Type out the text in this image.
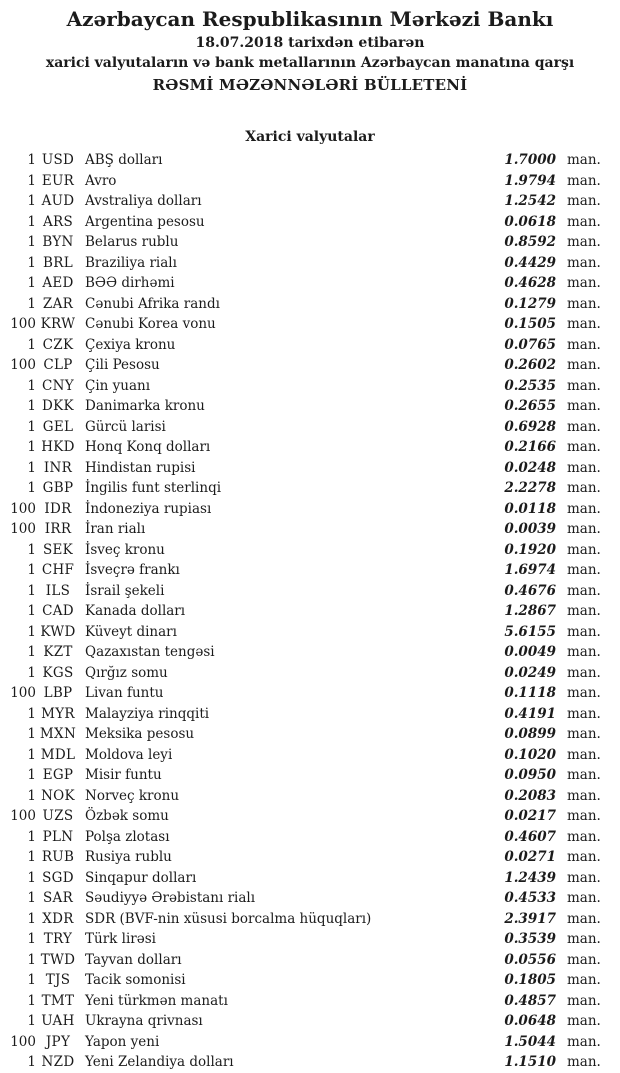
Azərbaycan Respublikasının Mərkəzi Bankı
18.07.2018 tarixdən etibarən
xarici valyutaların və bank metallarının Azərbaycan manatına qarşı
RƏSMİ MƏZƏNNƏLƏRİ BÜLLETENİ
Xarici valyutalar
1 USD ABŞ dolları	1.7000 man.
1 EUR Avro	1.9794 man.
1 AUD Avstraliya dolları	1.2542 man.
1 ARS Argentina pesosu	0.0618 man.
1 BYN Belarus rublu	0.8592 man.
1 BRL Braziliya rialı	0.4429 man.
1 AED BƏƏ dirhəmi	0.4628 man.
1 ZAR Cənubi Afrika randı	0.1279 man.
100 KRW Cənubi Korea vonu	0.1505 man.
1 CZK Çexiya kronu	0.0765 man.
100 CLP Çili Pesosu	0.2602 man.
1 CNY Çin yuanı	0.2535 man.
1 DKK Danimarka kronu	0.2655 man.
1 GEL Gürcü larisi	0.6928 man.
1 HKD Honq Konq dolları	0.2166 man.
1 INR Hindistan rupisi	0.0248 man.
1 GBP İngilis funt sterlinqi	2.2278 man.
100 IDR İndoneziya rupiası	0.0118 man.
100 IRR	İran rialı	0.0039 man.
1 SEK İsveç kronu	0.1920 man.
1 CHF İsveçrə frankı	1.6974 man.
1 ILS	İsrail şekeli	0.4676 man.
1 CAD Kanada dolları	1.2867 man.
1 KWD Küveyt dinarı	5.6155 man.
1 KZT Qazaxıstan tengəsi	0.0049 man.
1 KGS Qırğız somu	0.0249 man.
100 LBP Livan funtu	0.1118 man.
1 MYR Malayziya rinqqiti	0.4191 man.
1 MXN Meksika pesosu	0.0899 man.
1 MDL Moldova leyi	0.1020 man.
1 EGP Misir funtu	0.0950 man.
1 NOK Norveç kronu	0.2083 man.
100 UZS Özbək somu	0.0217 man.
1 PLN Polşa zlotası	0.4607 man.
1 RUB Rusiya rublu	0.0271 man.
1 SGD Sinqapur dolları	1.2439 man.
1 SAR Səudiyyə Ərəbistanı rialı	0.4533 man.
1 XDR SDR (BVF-nin xüsusi borcalma hüquqları)	2.3917 man.
1 TRY Türk lirəsi	0.3539 man.
1 TWD Tayvan dolları	0.0556 man.
1 TJS	Tacik somonisi	0.1805 man.
1 TMT Yeni türkmən manatı	0.4857 man.
1 UAH Ukrayna qrivnası	0.0648 man.
100 JPY	Yapon yeni	1.5044 man.
1 NZD Yeni Zelandiya dolları	1.1510 man.
